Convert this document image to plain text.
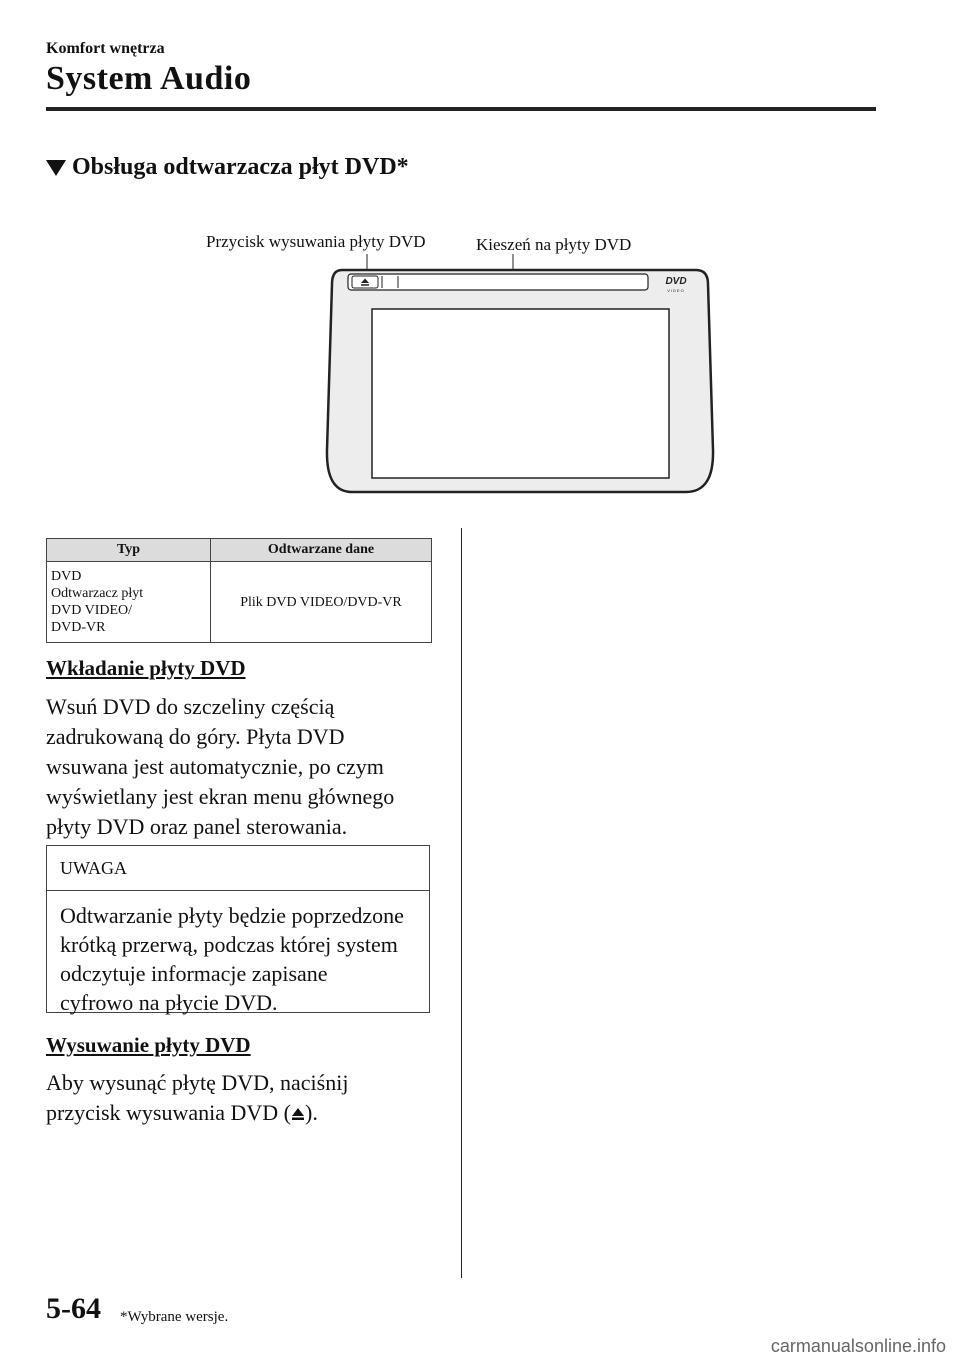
Komfort wnętrza
System Audio
Obsługa odtwarzacza płyt DVD*
Przycisk wysuwania płyty DVD	Kieszeń na płyty DVD
DVD
VIDEO
Typ	Odtwarzane dane

DVD
Odtwarzacz płyt
DVD VIDEO/
DVD-VR	Plik DVD VIDEO/DVD-VR
Wkładanie płyty DVD
Wsuń DVD do szczeliny częścią
zadrukowaną do góry. Płyta DVD
wsuwana jest automatycznie, po czym
wyświetlany jest ekran menu głównego
płyty DVD oraz panel sterowania.
UWAGA
Odtwarzanie płyty będzie poprzedzone
krótką przerwą, podczas której system
odczytuje informacje zapisane
cyfrowo na płycie DVD.
Wysuwanie płyty DVD
Aby wysunąć płytę DVD, naciśnij
przycisk wysuwania DVD ( ).
5-64 *Wybrane wersje.
carmanualsonline.info
